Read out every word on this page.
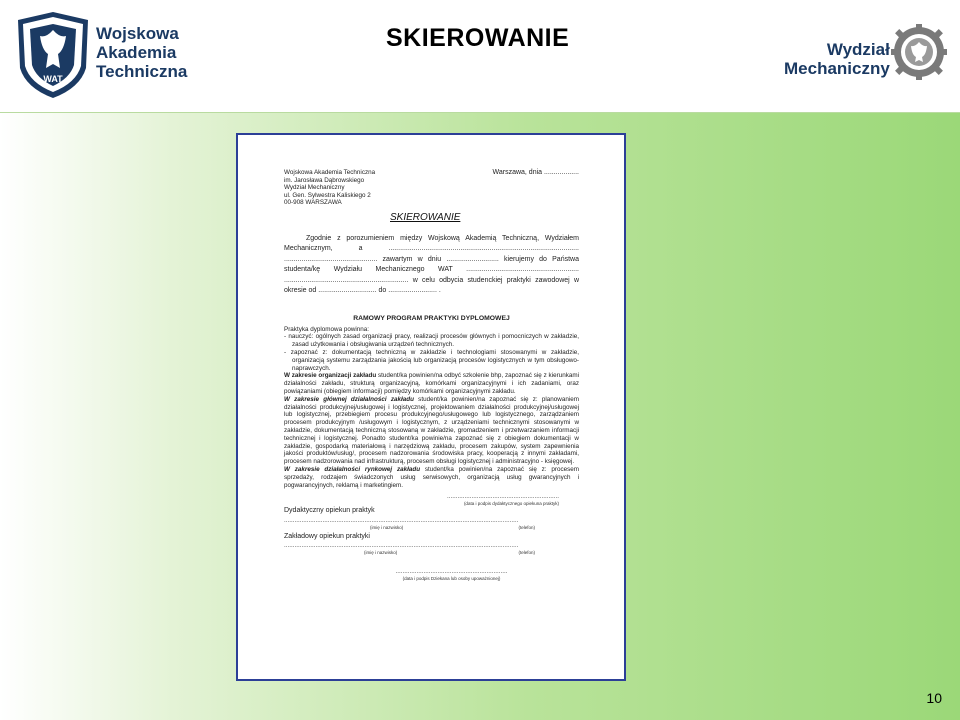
WAT
Wojskowa
Akademia
Techniczna
SKIEROWANIE	Wydział
Mechaniczny
Wojskowa Akademia Techniczna
im. Jarosława Dąbrowskiego
Wydział Mechaniczny
ul. Gen. Sylwestra Kaliskiego 2
00-908 WARSZAWA
Warszawa, dnia ..................
SKIEROWANIE
Zgodnie z porozumieniem między Wojskową Akademią Techniczną, Wydziałem Mechanicznym, a .................................................................................................. ................................................ zawartym w dniu ........................... kierujemy do Państwa studenta/kę Wydziału Mechanicznego WAT .......................................................... ................................................................ w celu odbycia studenckiej praktyki zawodowej w okresie od .............................. do ......................... .
RAMOWY PROGRAM PRAKTYKI DYPLOMOWEJ
Praktyka dyplomowa powinna:
- nauczyć: ogólnych zasad organizacji pracy, realizacji procesów głównych i pomocniczych w zakładzie, zasad użytkowania i obsługiwania urządzeń technicznych.
- zapoznać z: dokumentacją techniczną w zakładzie i technologiami stosowanymi w zakładzie, organizacją systemu zarządzania jakością lub organizacją procesów logistycznych w tym obsługowo-naprawczych.
W zakresie organizacji zakładu student/ka powinien/na odbyć szkolenie bhp, zapoznać się z kierunkami działalności zakładu, strukturą organizacyjną, komórkami organizacyjnymi i ich zadaniami, oraz powiązaniami (obiegiem informacji) pomiędzy komórkami organizacyjnymi zakładu.
W zakresie głównej działalności zakładu student/ka powinien/na zapoznać się z: planowaniem działalności produkcyjnej/usługowej i logistycznej, projektowaniem działalności produkcyjnej/usługowej lub logistycznej, przebiegiem procesu produkcyjnego/usługowego lub logistycznego, zarządzaniem procesem produkcyjnym /usługowym i logistycznym, z urządzeniami technicznymi stosowanymi w zakładzie, dokumentacją techniczną stosowaną w zakładzie, gromadzeniem i przetwarzaniem informacji technicznej i logistycznej. Ponadto student/ka powinie/na zapoznać się z obiegiem dokumentacji w zakładzie, gospodarką materiałową i narzędziową zakładu, procesem zakupów, system zapewnienia jakości produktów/usług/, procesem nadzorowania środowiska pracy, kooperacją z innymi zakładami, procesem nadzorowania nad infrastrukturą, procesem obsługi logistycznej i administracyjno - księgowej.
W zakresie działalności rynkowej zakładu student/ka powinien/na zapoznać się z: procesem sprzedaży, rodzajem świadczonych usług serwisowych, organizacją usług gwarancyjnych i pogwarancyjnych, reklamą i marketingiem.
................................................................
(data i podpis dydaktycznego opiekuna praktyk)
Dydaktyczny opiekun praktyk
......................................................................................................................................
(imię i nazwisko)	(telefon)
Zakładowy opiekun praktyki
......................................................................................................................................
(imię i nazwisko)	(telefon)
................................................................
(data i podpis Dziekana lub osoby upoważnionej)
10
